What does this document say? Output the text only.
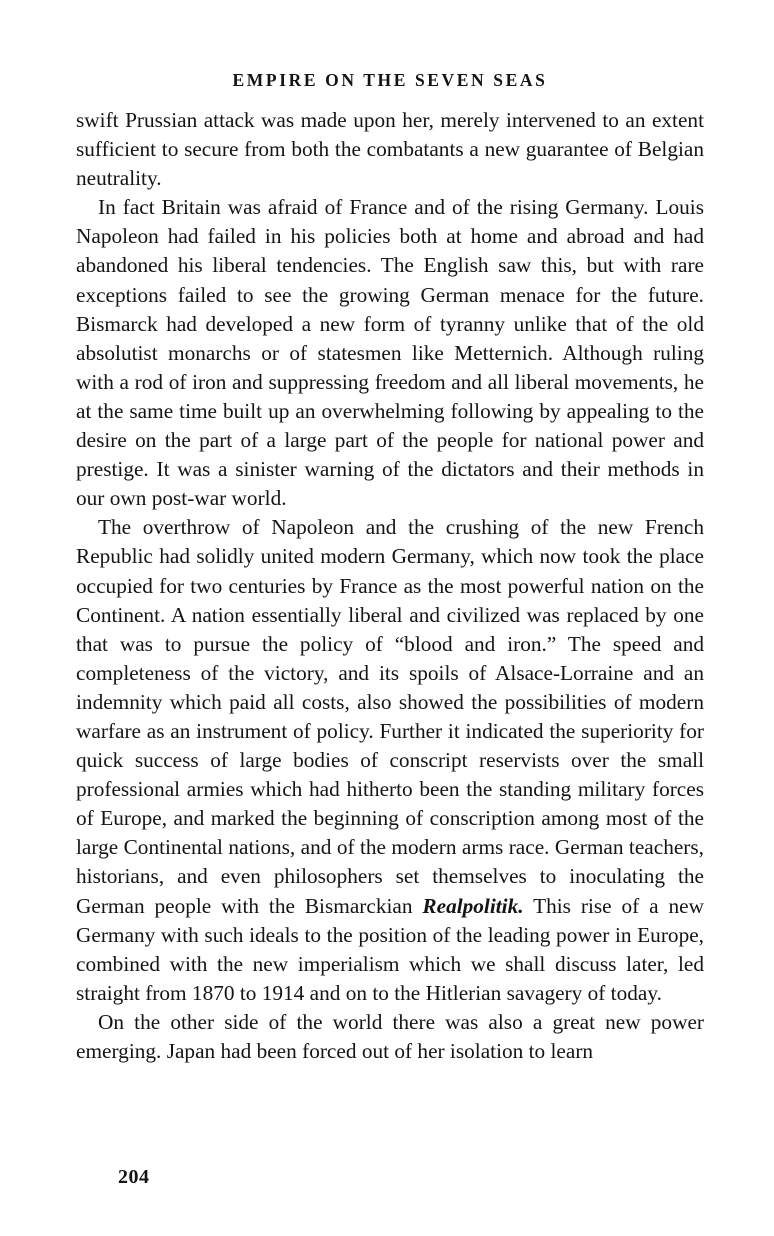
EMPIRE ON THE SEVEN SEAS

swift Prussian attack was made upon her, merely intervened to an extent sufficient to secure from both the combatants a new guarantee of Belgian neutrality.

In fact Britain was afraid of France and of the rising Germany. Louis Napoleon had failed in his policies both at home and abroad and had abandoned his liberal tendencies. The English saw this, but with rare exceptions failed to see the growing German menace for the future. Bismarck had developed a new form of tyranny unlike that of the old absolutist monarchs or of statesmen like Metternich. Although ruling with a rod of iron and suppressing freedom and all liberal movements, he at the same time built up an overwhelming following by appealing to the desire on the part of a large part of the people for national power and prestige. It was a sinister warning of the dictators and their methods in our own post-war world.

The overthrow of Napoleon and the crushing of the new French Republic had solidly united modern Germany, which now took the place occupied for two centuries by France as the most powerful nation on the Continent. A nation essentially liberal and civilized was replaced by one that was to pursue the policy of “blood and iron.” The speed and completeness of the victory, and its spoils of Alsace-Lorraine and an indemnity which paid all costs, also showed the possibilities of modern warfare as an instrument of policy. Further it indicated the superiority for quick success of large bodies of conscript reservists over the small professional armies which had hitherto been the standing military forces of Europe, and marked the beginning of conscription among most of the large Continental nations, and of the modern arms race. German teachers, historians, and even philosophers set themselves to inoculating the German people with the Bismarckian Realpolitik. This rise of a new Germany with such ideals to the position of the leading power in Europe, combined with the new imperialism which we shall discuss later, led straight from 1870 to 1914 and on to the Hitlerian savagery of today.

On the other side of the world there was also a great new power emerging. Japan had been forced out of her isolation to learn

204
